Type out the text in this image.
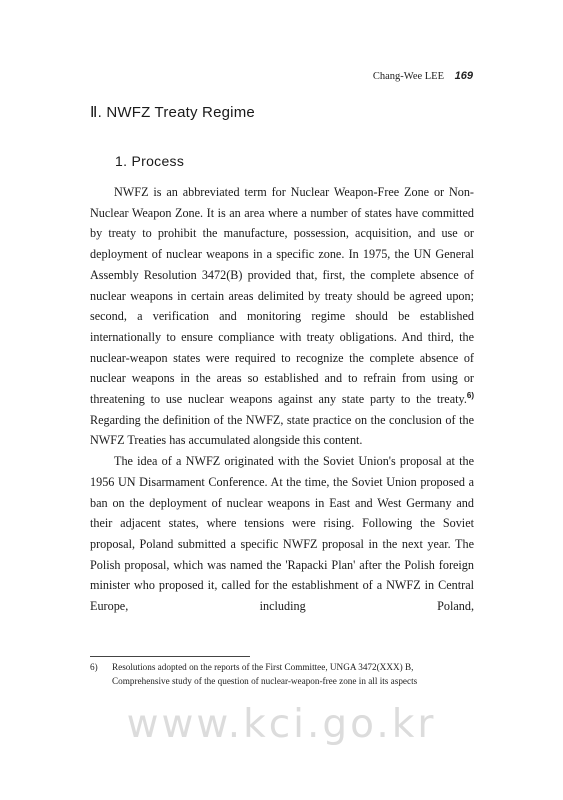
Chang-Wee LEE 169
Ⅱ. NWFZ Treaty Regime
1. Process

NWFZ is an abbreviated term for Nuclear Weapon-Free Zone or Non-Nuclear Weapon Zone. It is an area where a number of states have committed by treaty to prohibit the manufacture, possession, acquisition, and use or deployment of nuclear weapons in a specific zone. In 1975, the UN General Assembly Resolution 3472(B) provided that, first, the complete absence of nuclear weapons in certain areas delimited by treaty should be agreed upon; second, a verification and monitoring regime should be established internationally to ensure compliance with treaty obligations. And third, the nuclear-weapon states were required to recognize the complete absence of nuclear weapons in the areas so established and to refrain from using or threatening to use nuclear weapons against any state party to the treaty.$^{6)}$ Regarding the definition of the NWFZ, state practice on the conclusion of the NWFZ Treaties has accumulated alongside this content.

The idea of a NWFZ originated with the Soviet Union's proposal at the 1956 UN Disarmament Conference. At the time, the Soviet Union proposed a ban on the deployment of nuclear weapons in East and West Germany and their adjacent states, where tensions were rising. Following the Soviet proposal, Poland submitted a specific NWFZ proposal in the next year. The Polish proposal, which was named the 'Rapacki Plan' after the Polish foreign minister who proposed it, called for the establishment of a NWFZ in Central Europe, including Poland,

6) Resolutions adopted on the reports of the First Committee, UNGA 3472(XXX) B,
Comprehensive study of the question of nuclear-weapon-free zone in all its aspects
www.kci.go.kr
